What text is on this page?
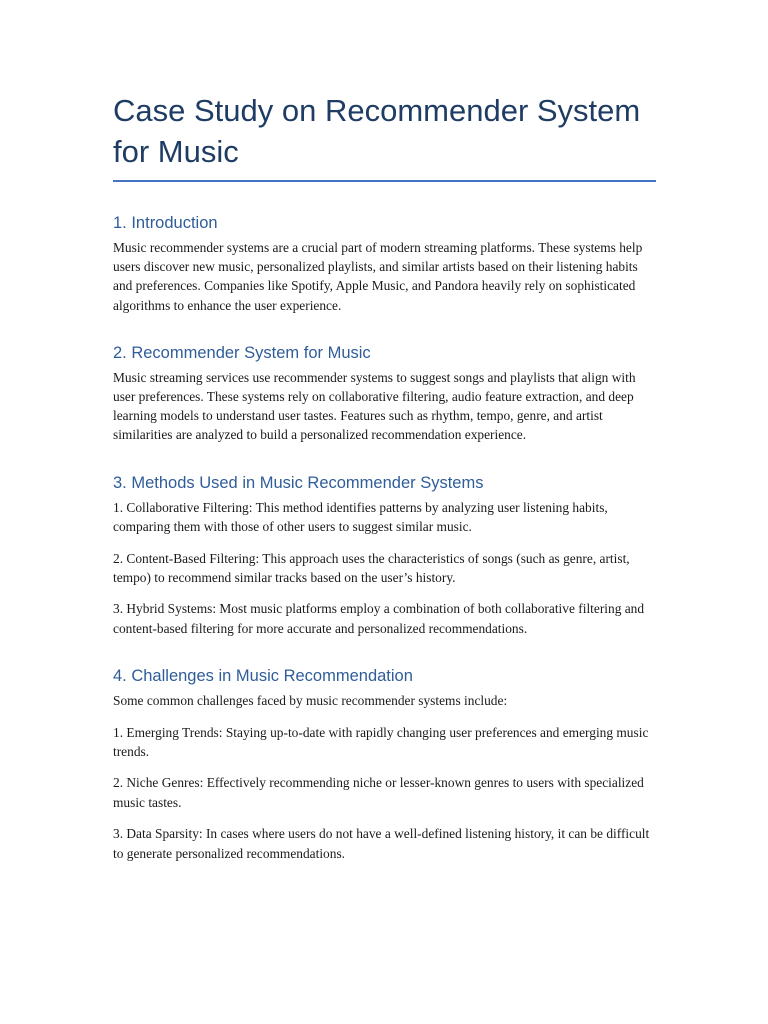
Case Study on Recommender System for Music
1. Introduction

Music recommender systems are a crucial part of modern streaming platforms. These systems help users discover new music, personalized playlists, and similar artists based on their listening habits and preferences. Companies like Spotify, Apple Music, and Pandora heavily rely on sophisticated algorithms to enhance the user experience.

2. Recommender System for Music

Music streaming services use recommender systems to suggest songs and playlists that align with user preferences. These systems rely on collaborative filtering, audio feature extraction, and deep learning models to understand user tastes. Features such as rhythm, tempo, genre, and artist similarities are analyzed to build a personalized recommendation experience.

3. Methods Used in Music Recommender Systems

1. Collaborative Filtering: This method identifies patterns by analyzing user listening habits, comparing them with those of other users to suggest similar music.

2. Content-Based Filtering: This approach uses the characteristics of songs (such as genre, artist, tempo) to recommend similar tracks based on the user’s history.

3. Hybrid Systems: Most music platforms employ a combination of both collaborative filtering and content-based filtering for more accurate and personalized recommendations.

4. Challenges in Music Recommendation

Some common challenges faced by music recommender systems include:

1. Emerging Trends: Staying up-to-date with rapidly changing user preferences and emerging music trends.

2. Niche Genres: Effectively recommending niche or lesser-known genres to users with specialized music tastes.

3. Data Sparsity: In cases where users do not have a well-defined listening history, it can be difficult to generate personalized recommendations.
